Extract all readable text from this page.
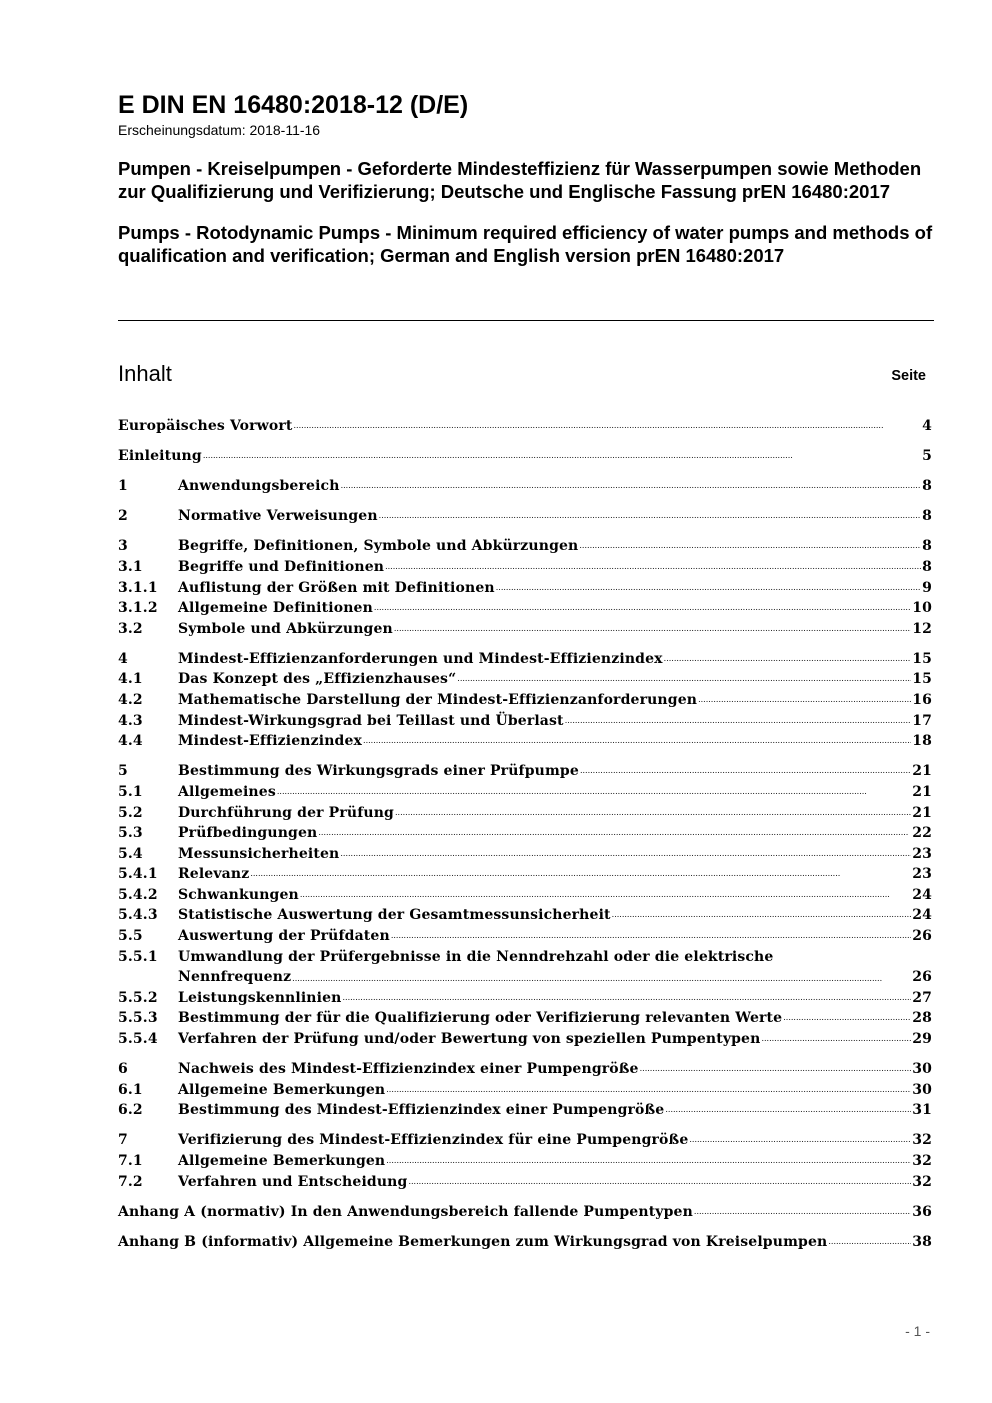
E DIN EN 16480:2018-12 (D/E)

Erscheinungsdatum: 2018-11-16

Pumpen - Kreiselpumpen - Geforderte Mindesteffizienz für Wasserpumpen sowie Methoden zur Qualifizierung und Verifizierung; Deutsche und Englische Fassung prEN 16480:2017

Pumps - Rotodynamic Pumps - Minimum required efficiency of water pumps and methods of qualification and verification; German and English version prEN 16480:2017

Inhalt	Seite
Europäisches Vorwort .....	4
Einleitung .....	5
1	Anwendungsbereich .....	8
2	Normative Verweisungen .....	8
3	Begriffe, Definitionen, Symbole und Abkürzungen .....	8
3.1	Begriffe und Definitionen .....	8
3.1.1	Auflistung der Größen mit Definitionen .....	9
3.1.2	Allgemeine Definitionen .....	10
3.2	Symbole und Abkürzungen .....	12
4	Mindest-Effizienzanforderungen und Mindest-Effizienzindex .....	15
4.1	Das Konzept des „Effizienzhauses“ .....	15
4.2	Mathematische Darstellung der Mindest-Effizienzanforderungen .....	16
4.3	Mindest-Wirkungsgrad bei Teillast und Überlast .....	17
4.4	Mindest-Effizienzindex .....	18
5	Bestimmung des Wirkungsgrads einer Prüfpumpe .....	21
5.1	Allgemeines .....	21
5.2	Durchführung der Prüfung .....	21
5.3	Prüfbedingungen .....	22
5.4	Messunsicherheiten .....	23
5.4.1	Relevanz .....	23
5.4.2	Schwankungen .....	24
5.4.3	Statistische Auswertung der Gesamtmessunsicherheit .....	24
5.5	Auswertung der Prüfdaten .....	26
5.5.1	Umwandlung der Prüfergebnisse in die Nenndrehzahl oder die elektrische
Nennfrequenz .....	26
5.5.2	Leistungskennlinien .....	27
5.5.3	Bestimmung der für die Qualifizierung oder Verifizierung relevanten Werte .....	28
5.5.4	Verfahren der Prüfung und/oder Bewertung von speziellen Pumpentypen .....	29
6	Nachweis des Mindest-Effizienzindex einer Pumpengröße .....	30
6.1	Allgemeine Bemerkungen .....	30
6.2	Bestimmung des Mindest-Effizienzindex einer Pumpengröße .....	31
7	Verifizierung des Mindest-Effizienzindex für eine Pumpengröße .....	32
7.1	Allgemeine Bemerkungen .....	32
7.2	Verfahren und Entscheidung .....	32
Anhang A (normativ) In den Anwendungsbereich fallende Pumpentypen .....	36
Anhang B (informativ) Allgemeine Bemerkungen zum Wirkungsgrad von Kreiselpumpen .....	38
- 1 -
